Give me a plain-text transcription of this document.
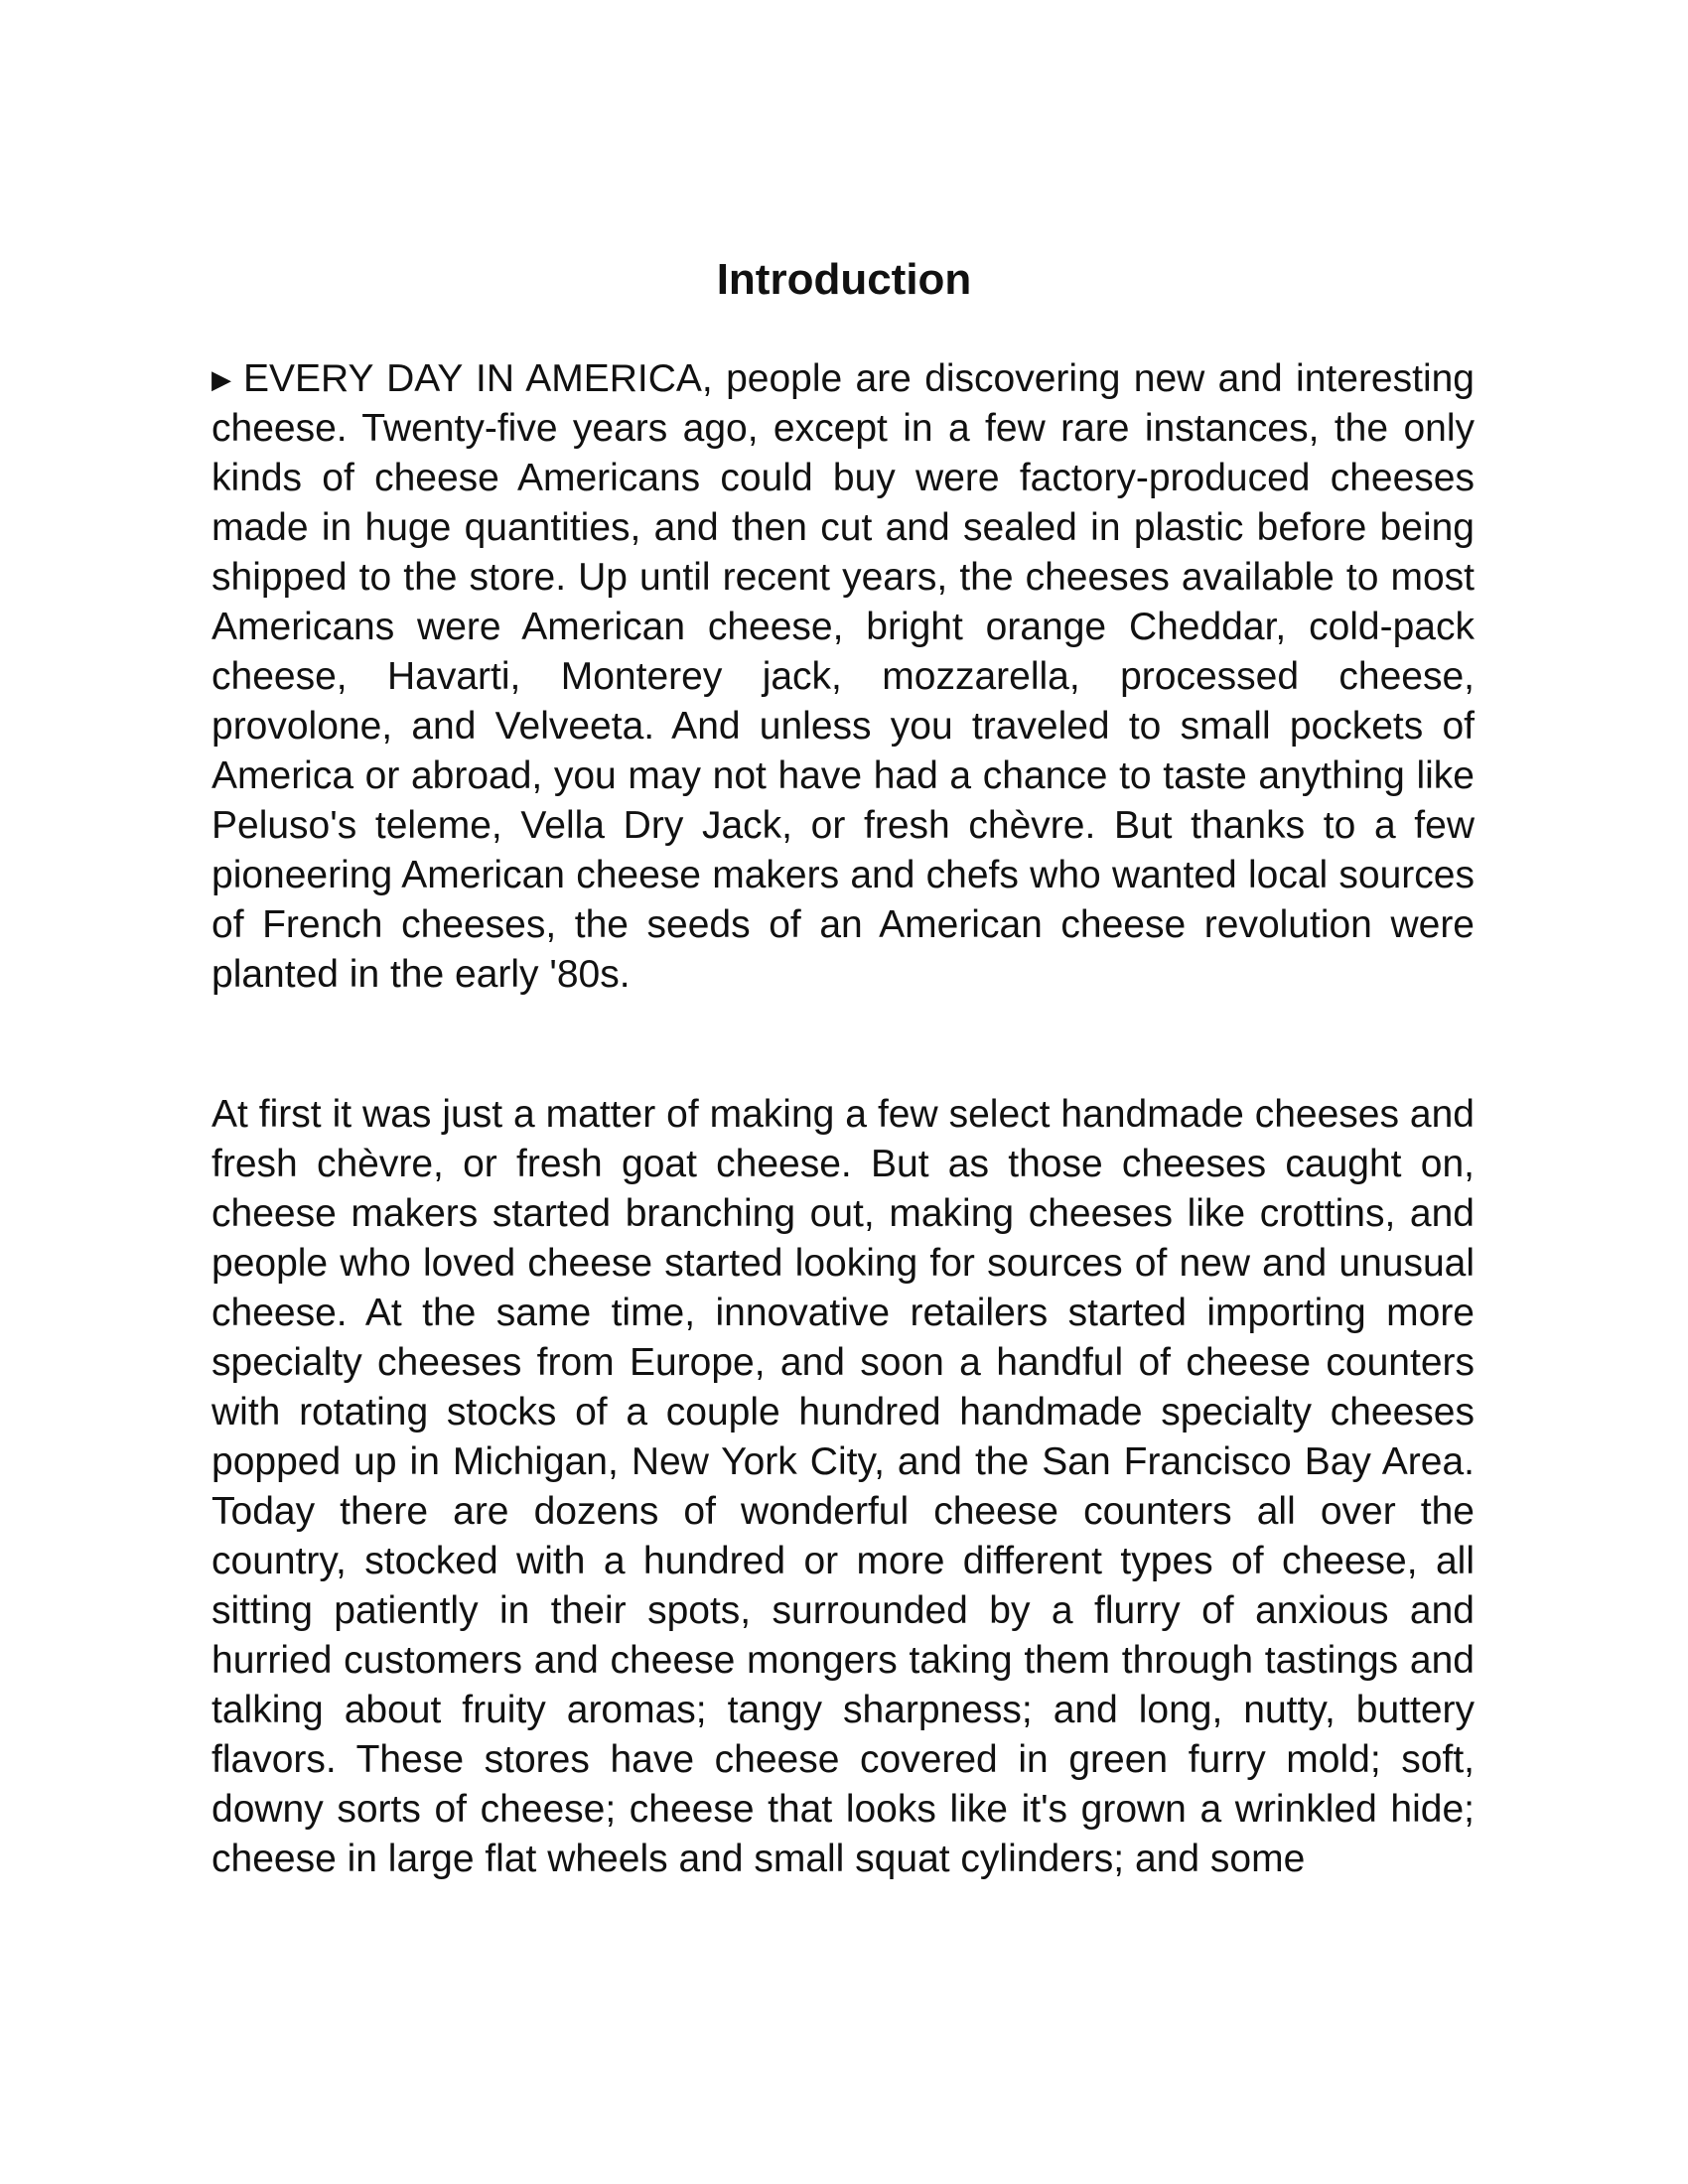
Introduction

▶ EVERY DAY IN AMERICA, people are discovering new and interesting cheese. Twenty-five years ago, except in a few rare instances, the only kinds of cheese Americans could buy were factory-produced cheeses made in huge quantities, and then cut and sealed in plastic before being shipped to the store. Up until recent years, the cheeses available to most Americans were American cheese, bright orange Cheddar, cold-pack cheese, Havarti, Monterey jack, mozzarella, processed cheese, provolone, and Velveeta. And unless you traveled to small pockets of America or abroad, you may not have had a chance to taste anything like Peluso's teleme, Vella Dry Jack, or fresh chèvre. But thanks to a few pioneering American cheese makers and chefs who wanted local sources of French cheeses, the seeds of an American cheese revolution were planted in the early '80s.

At first it was just a matter of making a few select handmade cheeses and fresh chèvre, or fresh goat cheese. But as those cheeses caught on, cheese makers started branching out, making cheeses like crottins, and people who loved cheese started looking for sources of new and unusual cheese. At the same time, innovative retailers started importing more specialty cheeses from Europe, and soon a handful of cheese counters with rotating stocks of a couple hundred handmade specialty cheeses popped up in Michigan, New York City, and the San Francisco Bay Area. Today there are dozens of wonderful cheese counters all over the country, stocked with a hundred or more different types of cheese, all sitting patiently in their spots, surrounded by a flurry of anxious and hurried customers and cheese mongers taking them through tastings and talking about fruity aromas; tangy sharpness; and long, nutty, buttery flavors. These stores have cheese covered in green furry mold; soft, downy sorts of cheese; cheese that looks like it's grown a wrinkled hide; cheese in large flat wheels and small squat cylinders; and some
